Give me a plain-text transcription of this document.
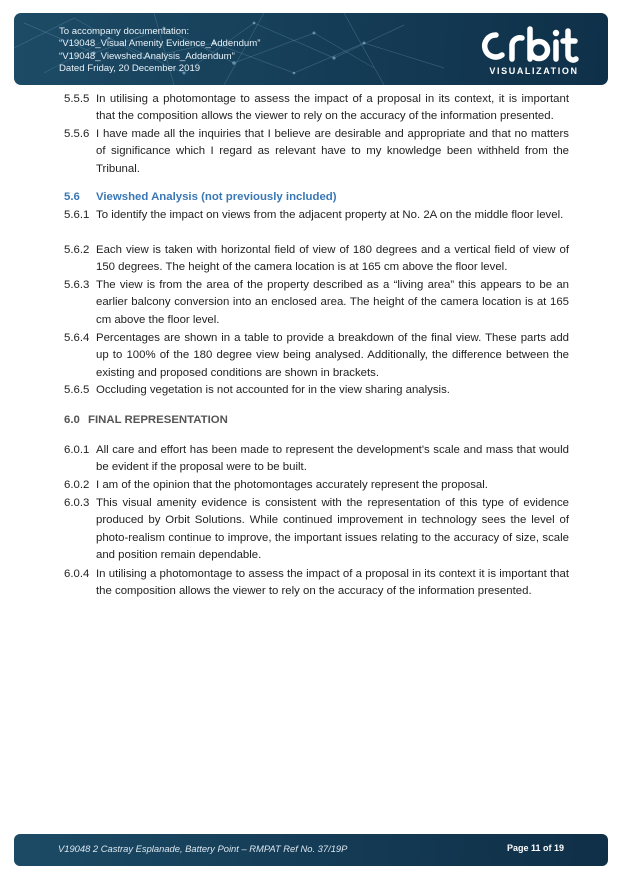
To accompany documentation:
“V19048_Visual Amenity Evidence_Addendum”
“V19048_Viewshed Analysis_Addendum”
Dated Friday, 20 December 2019	VISUALIZATION
5.5.5 In utilising a photomontage to assess the impact of a proposal in its context, it is important that the composition allows the viewer to rely on the accuracy of the information presented.
5.5.6 I have made all the inquiries that I believe are desirable and appropriate and that no matters of significance which I regard as relevant have to my knowledge been withheld from the Tribunal.
5.6 Viewshed Analysis (not previously included)
5.6.1 To identify the impact on views from the adjacent property at No. 2A on the middle floor level.
5.6.2 Each view is taken with horizontal field of view of 180 degrees and a vertical field of view of 150 degrees. The height of the camera location is at 165 cm above the floor level.
5.6.3 The view is from the area of the property described as a “living area” this appears to be an earlier balcony conversion into an enclosed area. The height of the camera location is at 165 cm above the floor level.
5.6.4 Percentages are shown in a table to provide a breakdown of the final view. These parts add up to 100% of the 180 degree view being analysed. Additionally, the difference between the existing and proposed conditions are shown in brackets.
5.6.5 Occluding vegetation is not accounted for in the view sharing analysis.
6.0 FINAL REPRESENTATION
6.0.1 All care and effort has been made to represent the development's scale and mass that would be evident if the proposal were to be built.
6.0.2 I am of the opinion that the photomontages accurately represent the proposal.
6.0.3 This visual amenity evidence is consistent with the representation of this type of evidence produced by Orbit Solutions. While continued improvement in technology sees the level of photo-realism continue to improve, the important issues relating to the accuracy of size, scale and position remain dependable.
6.0.4 In utilising a photomontage to assess the impact of a proposal in its context it is important that the composition allows the viewer to rely on the accuracy of the information presented.
V19048 2 Castray Esplanade, Battery Point – RMPAT Ref No. 37/19P	Page 11 of 19
